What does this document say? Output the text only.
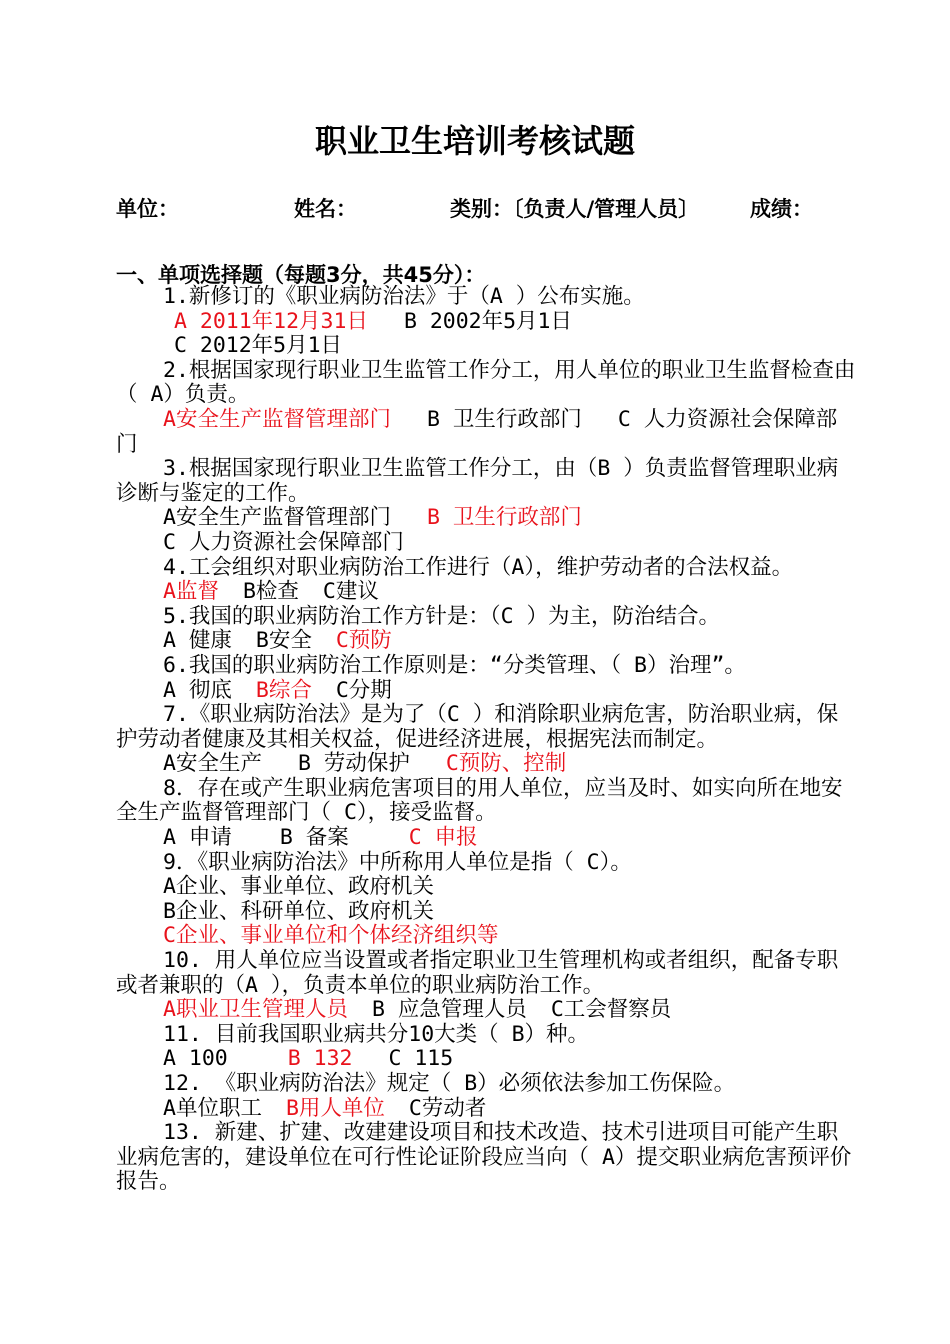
职业卫生培训考核试题
单位：	姓名：	类别：〔负责人/管理人员〕 成绩：
一、单项选择题（每题3分，共45分）：

1.新修订的《职业病防治法》于（A ）公布实施。

A 2011年12月31日 B 2002年5月1日

C 2012年5月1日

2.根据国家现行职业卫生监管工作分工，用人单位的职业卫生监督检查由（ A）负责。

A安全生产监督管理部门 B 卫生行政部门 C 人力资源社会保障部门

3.根据国家现行职业卫生监管工作分工，由（B ）负责监督管理职业病诊断与鉴定的工作。

A安全生产监督管理部门 B 卫生行政部门

C 人力资源社会保障部门

4.工会组织对职业病防治工作进行（A），维护劳动者的合法权益。

A监督 B检查 C建议

5.我国的职业病防治工作方针是：（C ）为主，防治结合。

A 健康 B安全 C预防

6.我国的职业病防治工作原则是：“分类管理、（ B）治理”。

A 彻底 B综合 C分期

7.《职业病防治法》是为了（C ）和消除职业病危害，防治职业病，保护劳动者健康及其相关权益，促进经济进展，根据宪法而制定。

A安全生产 B 劳动保护 C预防、控制

8．存在或产生职业病危害项目的用人单位，应当及时、如实向所在地安全生产监督管理部门（ C），接受监督。

A 申请 B 备案	C 申报

9．《职业病防治法》中所称用人单位是指（ C）。

A企业、事业单位、政府机关

B企业、科研单位、政府机关

C企业、事业单位和个体经济组织等

10. 用人单位应当设置或者指定职业卫生管理机构或者组织，配备专职或者兼职的（A ），负责本单位的职业病防治工作。

A职业卫生管理人员 B 应急管理人员 C工会督察员

11. 目前我国职业病共分10大类（ B）种。

A 100	B 132 C 115

12. 《职业病防治法》规定（ B）必须依法参加工伤保险。

A单位职工 B用人单位 C劳动者

13. 新建、扩建、改建建设项目和技术改造、技术引进项目可能产生职业病危害的，建设单位在可行性论证阶段应当向（ A）提交职业病危害预评价报告。
